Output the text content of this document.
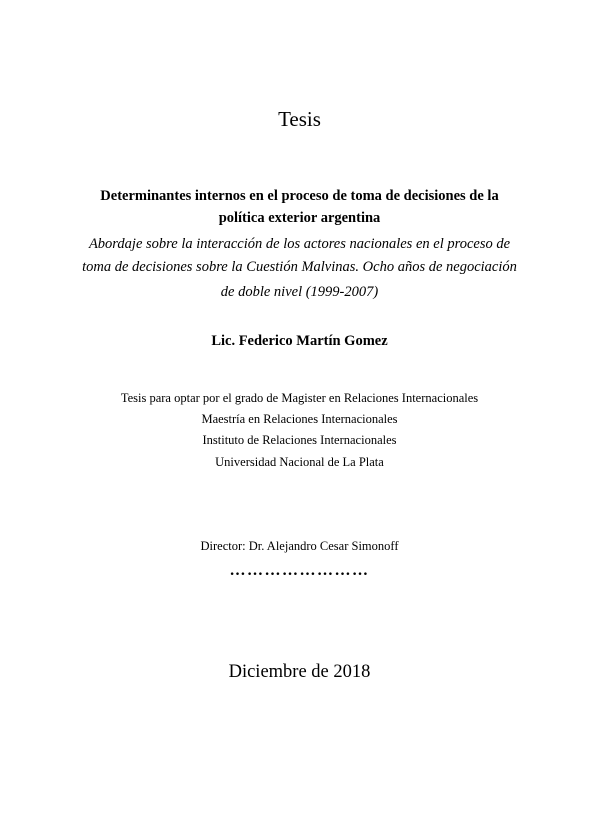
Tesis
Determinantes internos en el proceso de toma de decisiones de la
política exterior argentina
Abordaje sobre la interacción de los actores nacionales en el proceso de
toma de decisiones sobre la Cuestión Malvinas. Ocho años de negociación
de doble nivel (1999-2007)
Lic. Federico Martín Gomez
Tesis para optar por el grado de Magister en Relaciones Internacionales
Maestría en Relaciones Internacionales
Instituto de Relaciones Internacionales
Universidad Nacional de La Plata
Director: Dr. Alejandro Cesar Simonoff
……………………
Diciembre de 2018
